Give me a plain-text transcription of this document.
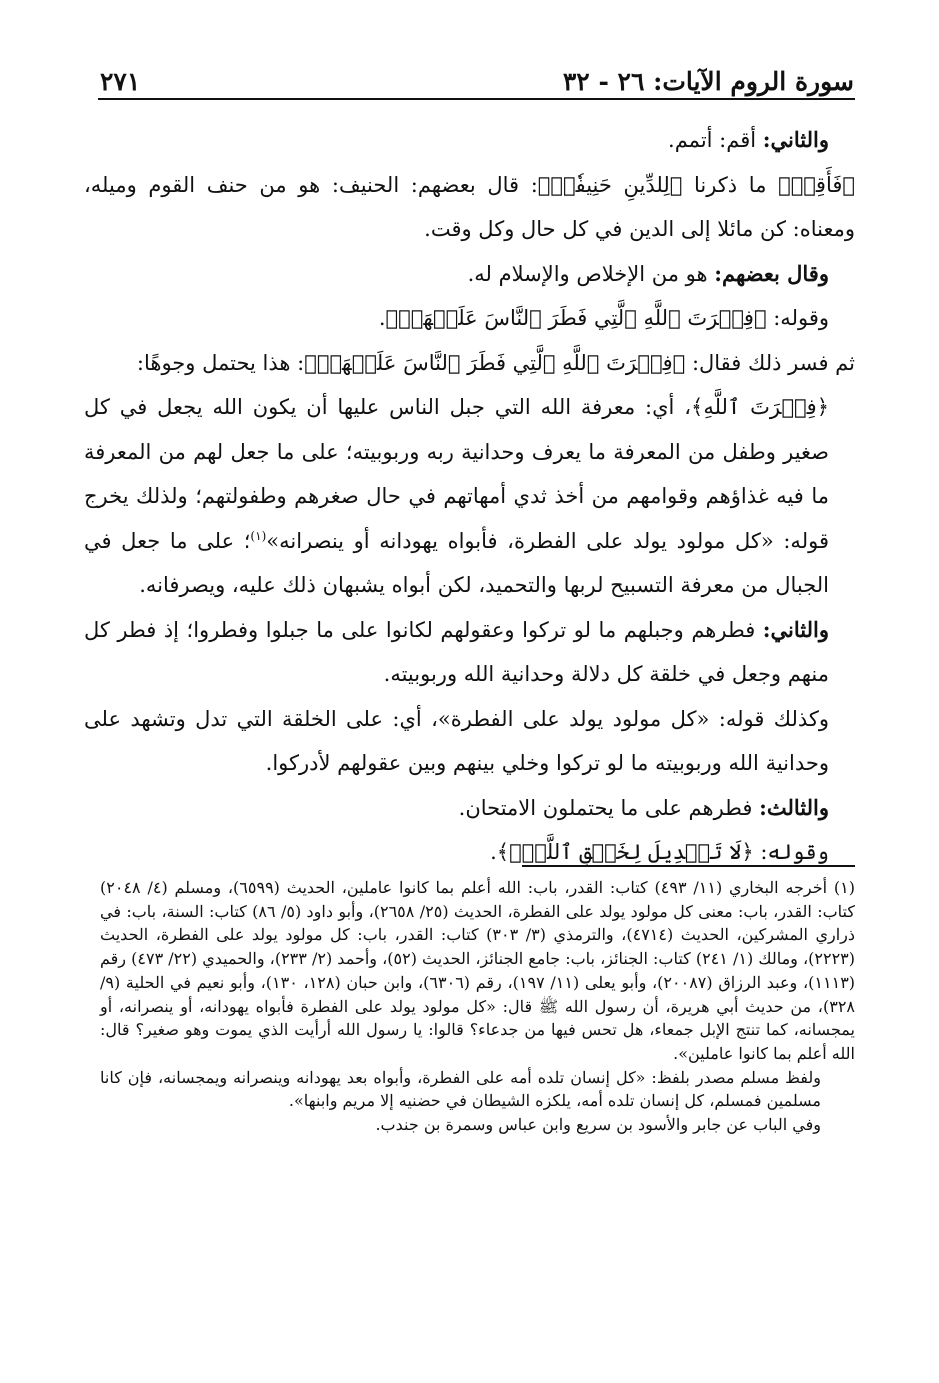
سورة الروم الآيات: ٢٦ - ٣٢
٢٧١

والثاني: أقم: أتمم.

﴿فَأَقِمۡ﴾ ما ذكرنا ﴿لِلدِّينِ حَنِيفٗاۚ﴾: قال بعضهم: الحنيف: هو من حنف القوم وميله، ومعناه: كن مائلا إلى الدين في كل حال وكل وقت.

وقال بعضهم: هو من الإخلاص والإسلام له.

وقوله: ﴿فِطۡرَتَ ٱللَّهِ ٱلَّتِي فَطَرَ ٱلنَّاسَ عَلَيۡهَاۚ﴾.

ثم فسر ذلك فقال: ﴿فِطۡرَتَ ٱللَّهِ ٱلَّتِي فَطَرَ ٱلنَّاسَ عَلَيۡهَاۚ﴾: هذا يحتمل وجوهًا:

﴿فِطۡرَتَ ٱللَّهِ﴾، أي: معرفة الله التي جبل الناس عليها أن يكون الله يجعل في كل صغير وطفل من المعرفة ما يعرف وحدانية ربه وربوبيته؛ على ما جعل لهم من المعرفة ما فيه غذاؤهم وقوامهم من أخذ ثدي أمهاتهم في حال صغرهم وطفولتهم؛ ولذلك يخرج قوله: «كل مولود يولد على الفطرة، فأبواه يهودانه أو ينصرانه»$^{(١)}$؛ على ما جعل في الجبال من معرفة التسبيح لربها والتحميد، لكن أبواه يشبهان ذلك عليه، ويصرفانه.

والثاني: فطرهم وجبلهم ما لو تركوا وعقولهم لكانوا على ما جبلوا وفطروا؛ إذ فطر كل منهم وجعل في خلقة كل دلالة وحدانية الله وربوبيته.

وكذلك قوله: «كل مولود يولد على الفطرة»، أي: على الخلقة التي تدل وتشهد على وحدانية الله وربوبيته ما لو تركوا وخلي بينهم وبين عقولهم لأدركوا.

والثالث: فطرهم على ما يحتملون الامتحان.

وقوله: ﴿لَا تَبۡدِيلَ لِخَلۡقِ ٱللَّهِۚ﴾.

(١) أخرجه البخاري (١١/ ٤٩٣) كتاب: القدر، باب: الله أعلم بما كانوا عاملين، الحديث (٦٥٩٩)، ومسلم (٤/ ٢٠٤٨) كتاب: القدر، باب: معنى كل مولود يولد على الفطرة، الحديث (٢٥/ ٢٦٥٨)، وأبو داود (٥/ ٨٦) كتاب: السنة، باب: في ذراري المشركين، الحديث (٤٧١٤)، والترمذي (٣/ ٣٠٣) كتاب: القدر، باب: كل مولود يولد على الفطرة، الحديث (٢٢٢٣)، ومالك (١/ ٢٤١) كتاب: الجنائز، باب: جامع الجنائز، الحديث (٥٢)، وأحمد (٢/ ٢٣٣)، والحميدي (٢٢/ ٤٧٣) رقم (١١١٣)، وعبد الرزاق (٢٠٠٨٧)، وأبو يعلى (١١/ ١٩٧)، رقم (٦٣٠٦)، وابن حبان (١٢٨، ١٣٠)، وأبو نعيم في الحلية (٩/ ٣٢٨)، من حديث أبي هريرة، أن رسول الله ﷺ قال: «كل مولود يولد على الفطرة فأبواه يهودانه، أو ينصرانه، أو يمجسانه، كما تنتج الإبل جمعاء، هل تحس فيها من جدعاء؟ قالوا: يا رسول الله أرأيت الذي يموت وهو صغير؟ قال: الله أعلم بما كانوا عاملين».

ولفظ مسلم مصدر بلفظ: «كل إنسان تلده أمه على الفطرة، وأبواه بعد يهودانه وينصرانه ويمجسانه، فإن كانا مسلمين فمسلم، كل إنسان تلده أمه، يلكزه الشيطان في حضنيه إلا مريم وابنها».

وفي الباب عن جابر والأسود بن سريع وابن عباس وسمرة بن جندب.
